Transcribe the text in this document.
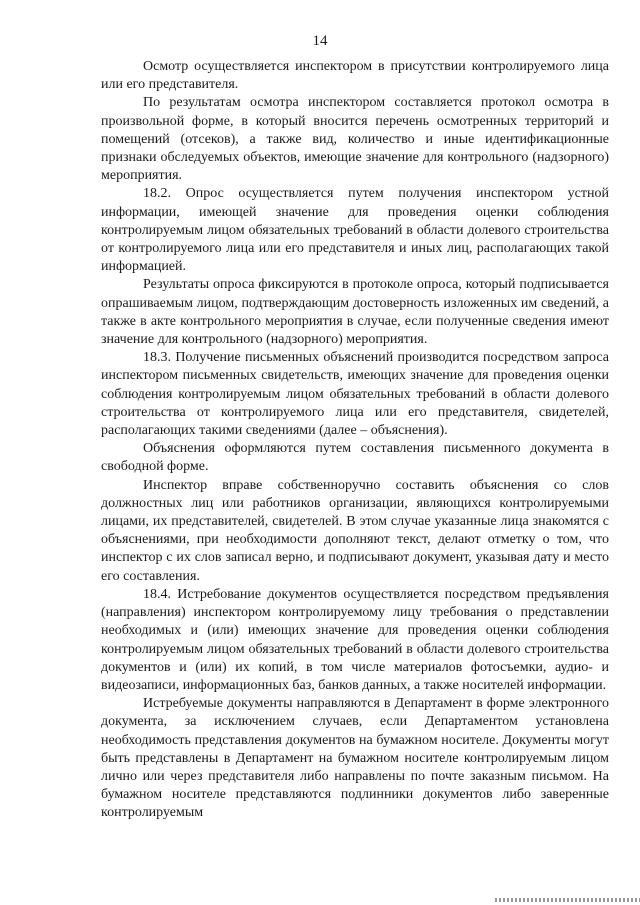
14

Осмотр осуществляется инспектором в присутствии контролируемого лица или его представителя.

По результатам осмотра инспектором составляется протокол осмотра в произвольной форме, в который вносится перечень осмотренных территорий и помещений (отсеков), а также вид, количество и иные идентификационные признаки обследуемых объектов, имеющие значение для контрольного (надзорного) мероприятия.

18.2. Опрос осуществляется путем получения инспектором устной информации, имеющей значение для проведения оценки соблюдения контролируемым лицом обязательных требований в области долевого строительства от контролируемого лица или его представителя и иных лиц, располагающих такой информацией.

Результаты опроса фиксируются в протоколе опроса, который подписывается опрашиваемым лицом, подтверждающим достоверность изложенных им сведений, а также в акте контрольного мероприятия в случае, если полученные сведения имеют значение для контрольного (надзорного) мероприятия.

18.3. Получение письменных объяснений производится посредством запроса инспектором письменных свидетельств, имеющих значение для проведения оценки соблюдения контролируемым лицом обязательных требований в области долевого строительства от контролируемого лица или его представителя, свидетелей, располагающих такими сведениями (далее – объяснения).

Объяснения оформляются путем составления письменного документа в свободной форме.

Инспектор вправе собственноручно составить объяснения со слов должностных лиц или работников организации, являющихся контролируемыми лицами, их представителей, свидетелей. В этом случае указанные лица знакомятся с объяснениями, при необходимости дополняют текст, делают отметку о том, что инспектор с их слов записал верно, и подписывают документ, указывая дату и место его составления.

18.4. Истребование документов осуществляется посредством предъявления (направления) инспектором контролируемому лицу требования о представлении необходимых и (или) имеющих значение для проведения оценки соблюдения контролируемым лицом обязательных требований в области долевого строительства документов и (или) их копий, в том числе материалов фотосъемки, аудио- и видеозаписи, информационных баз, банков данных, а также носителей информации.

Истребуемые документы направляются в Департамент в форме электронного документа, за исключением случаев, если Департаментом установлена необходимость представления документов на бумажном носителе. Документы могут быть представлены в Департамент на бумажном носителе контролируемым лицом лично или через представителя либо направлены по почте заказным письмом. На бумажном носителе представляются подлинники документов либо заверенные контролируемым
